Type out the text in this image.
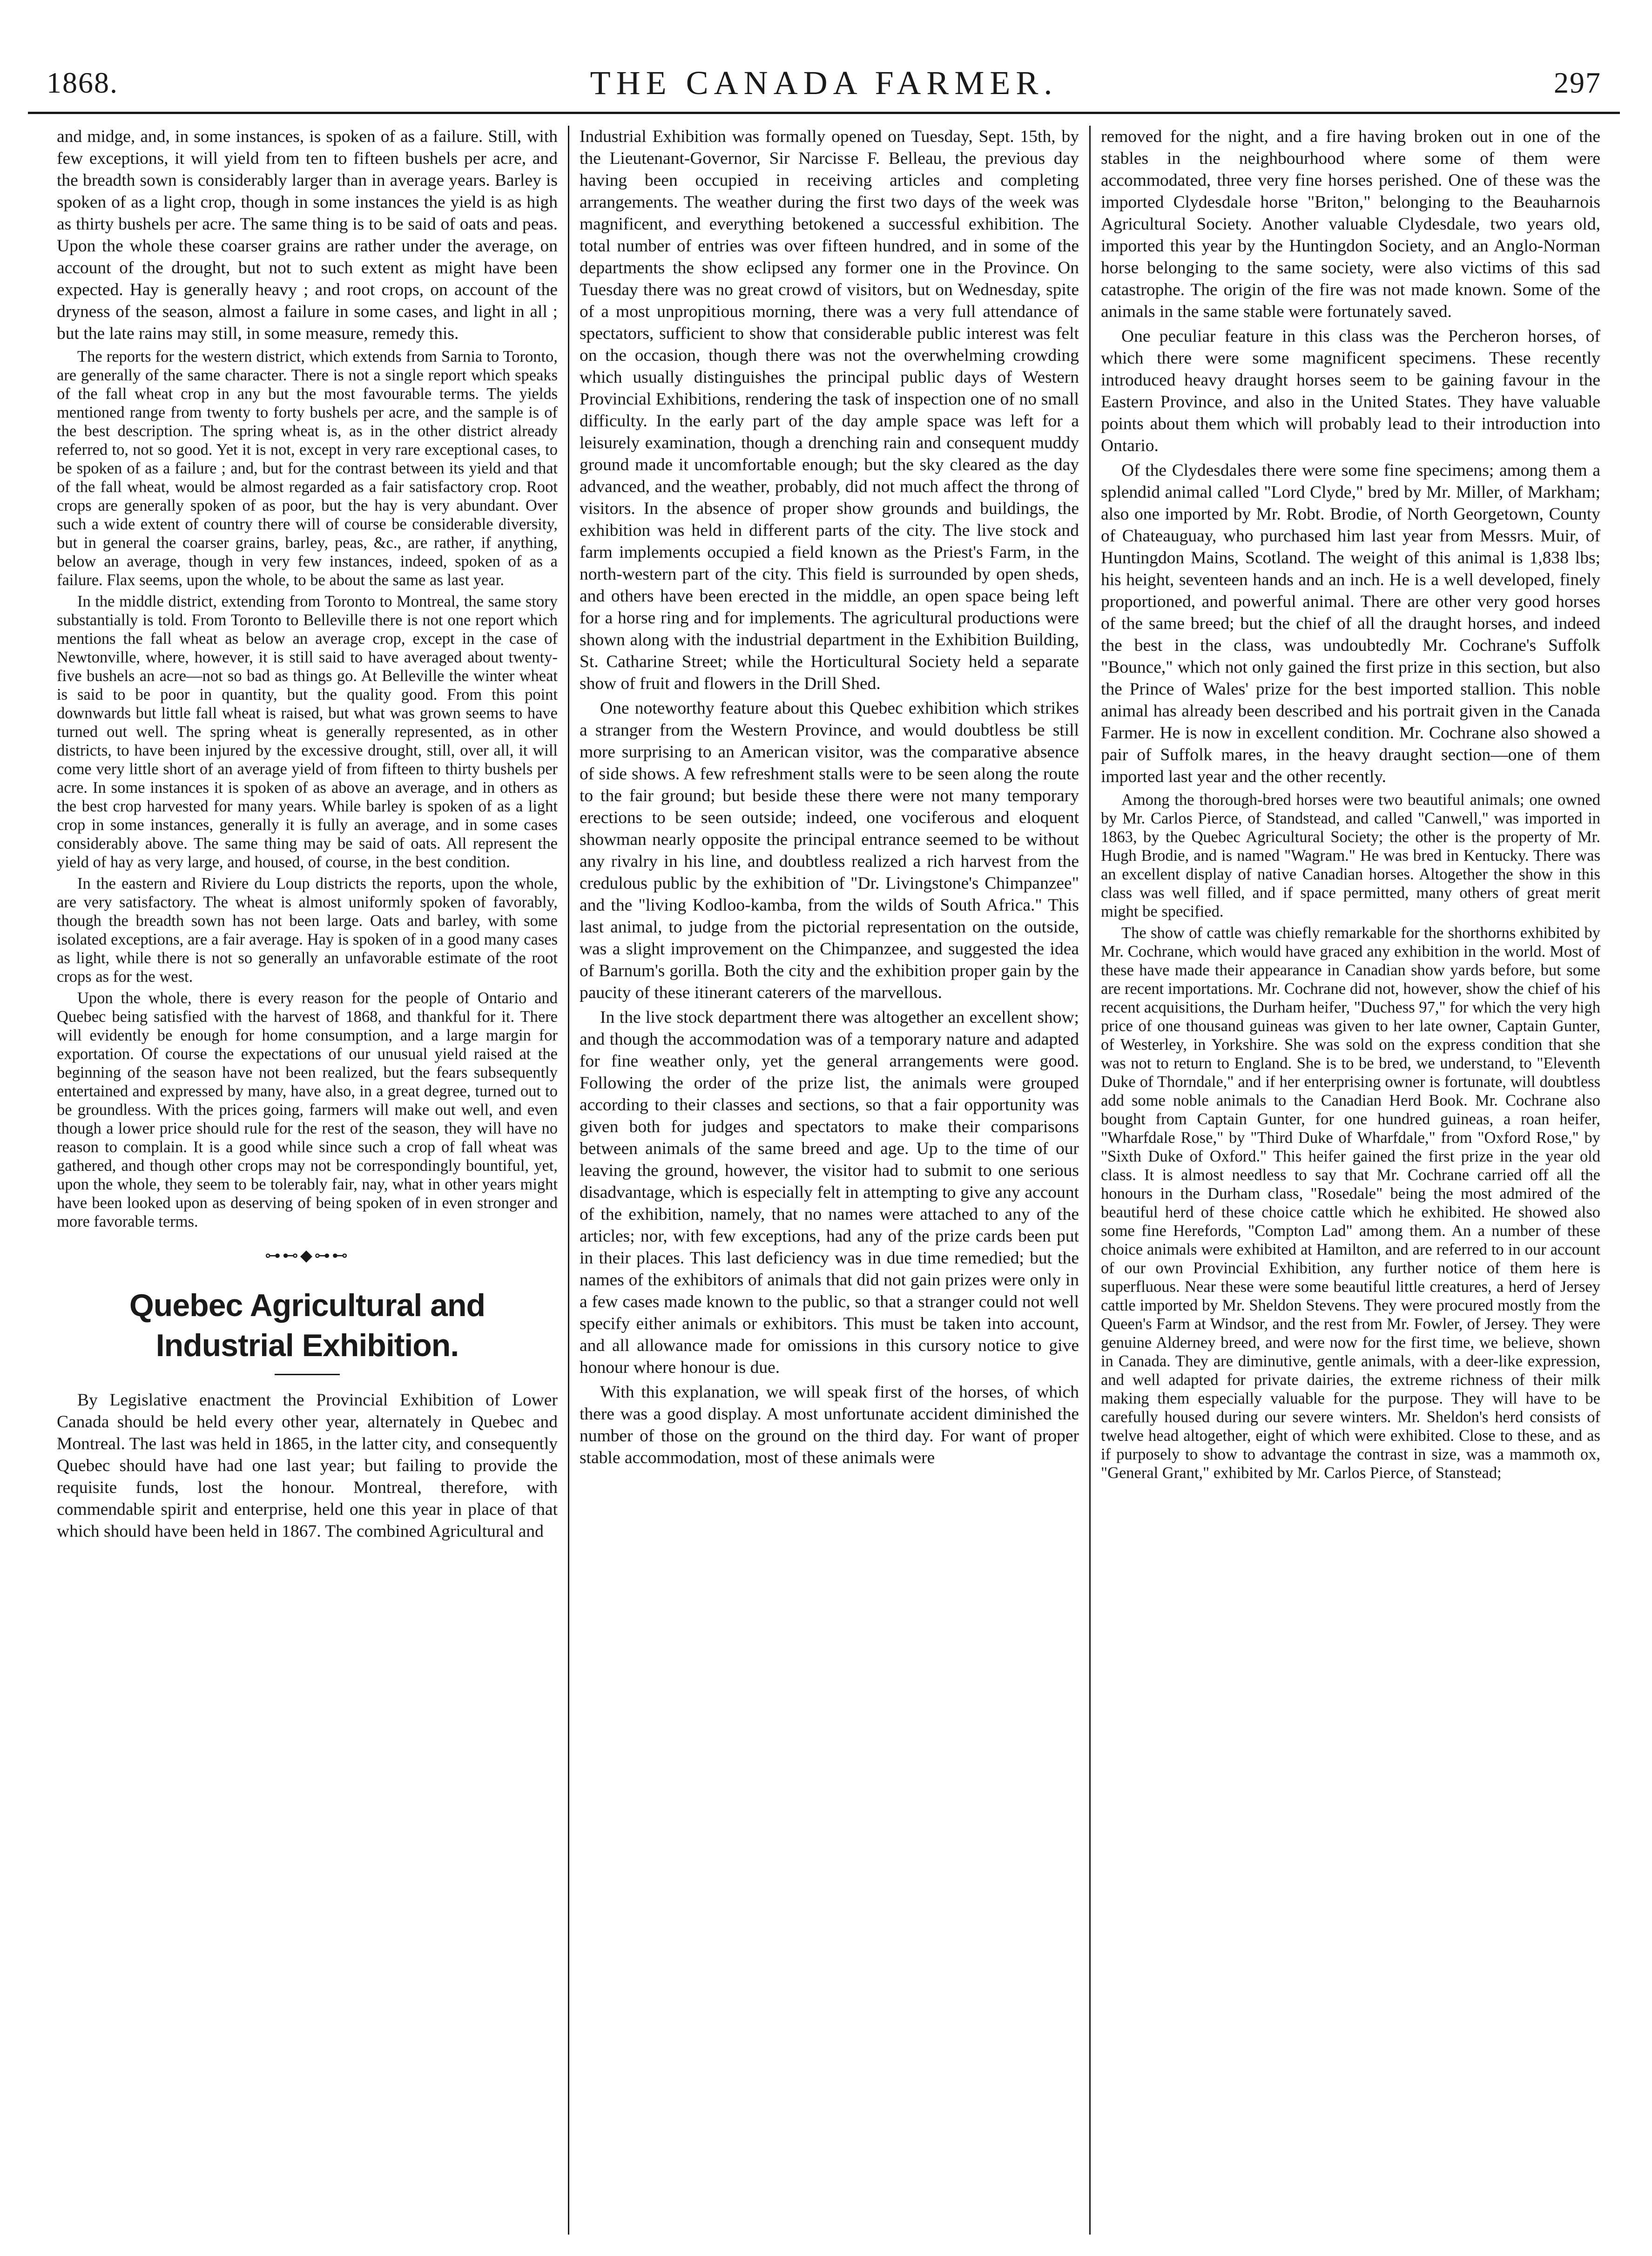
1868.	THE CANADA FARMER.	297

and midge, and, in some instances, is spoken of as a failure. Still, with few exceptions, it will yield from ten to fifteen bushels per acre, and the breadth sown is considerably larger than in average years. Barley is spoken of as a light crop, though in some instances the yield is as high as thirty bushels per acre. The same thing is to be said of oats and peas. Upon the whole these coarser grains are rather under the average, on account of the drought, but not to such extent as might have been expected. Hay is generally heavy ; and root crops, on account of the dryness of the season, almost a failure in some cases, and light in all ; but the late rains may still, in some measure, remedy this.

The reports for the western district, which extends from Sarnia to Toronto, are generally of the same character. There is not a single report which speaks of the fall wheat crop in any but the most favourable terms. The yields mentioned range from twenty to forty bushels per acre, and the sample is of the best description. The spring wheat is, as in the other district already referred to, not so good. Yet it is not, except in very rare exceptional cases, to be spoken of as a failure ; and, but for the contrast between its yield and that of the fall wheat, would be almost regarded as a fair satisfactory crop. Root crops are generally spoken of as poor, but the hay is very abundant. Over such a wide extent of country there will of course be considerable diversity, but in general the coarser grains, barley, peas, &c., are rather, if anything, below an average, though in very few instances, indeed, spoken of as a failure. Flax seems, upon the whole, to be about the same as last year.

In the middle district, extending from Toronto to Montreal, the same story substantially is told. From Toronto to Belleville there is not one report which mentions the fall wheat as below an average crop, except in the case of Newtonville, where, however, it is still said to have averaged about twenty-five bushels an acre—not so bad as things go. At Belleville the winter wheat is said to be poor in quantity, but the quality good. From this point downwards but little fall wheat is raised, but what was grown seems to have turned out well. The spring wheat is generally represented, as in other districts, to have been injured by the excessive drought, still, over all, it will come very little short of an average yield of from fifteen to thirty bushels per acre. In some instances it is spoken of as above an average, and in others as the best crop harvested for many years. While barley is spoken of as a light crop in some instances, generally it is fully an average, and in some cases considerably above. The same thing may be said of oats. All represent the yield of hay as very large, and housed, of course, in the best condition.

In the eastern and Riviere du Loup districts the reports, upon the whole, are very satisfactory. The wheat is almost uniformly spoken of favorably, though the breadth sown has not been large. Oats and barley, with some isolated exceptions, are a fair average. Hay is spoken of in a good many cases as light, while there is not so generally an unfavorable estimate of the root crops as for the west.

Upon the whole, there is every reason for the people of Ontario and Quebec being satisfied with the harvest of 1868, and thankful for it. There will evidently be enough for home consumption, and a large margin for exportation. Of course the expectations of our unusual yield raised at the beginning of the season have not been realized, but the fears subsequently entertained and expressed by many, have also, in a great degree, turned out to be groundless. With the prices going, farmers will make out well, and even though a lower price should rule for the rest of the season, they will have no reason to complain. It is a good while since such a crop of fall wheat was gathered, and though other crops may not be correspondingly bountiful, yet, upon the whole, they seem to be tolerably fair, nay, what in other years might have been looked upon as deserving of being spoken of in even stronger and more favorable terms.

⊶⊷◆⊶⊷
Quebec Agricultural and Industrial Exhibition.

By Legislative enactment the Provincial Exhibition of Lower Canada should be held every other year, alternately in Quebec and Montreal. The last was held in 1865, in the latter city, and consequently Quebec should have had one last year; but failing to provide the requisite funds, lost the honour. Montreal, therefore, with commendable spirit and enterprise, held one this year in place of that which should have been held in 1867. The combined Agricultural and

Industrial Exhibition was formally opened on Tuesday, Sept. 15th, by the Lieutenant-Governor, Sir Narcisse F. Belleau, the previous day having been occupied in receiving articles and completing arrangements. The weather during the first two days of the week was magnificent, and everything betokened a successful exhibition. The total number of entries was over fifteen hundred, and in some of the departments the show eclipsed any former one in the Province. On Tuesday there was no great crowd of visitors, but on Wednesday, spite of a most unpropitious morning, there was a very full attendance of spectators, sufficient to show that considerable public interest was felt on the occasion, though there was not the overwhelming crowding which usually distinguishes the principal public days of Western Provincial Exhibitions, rendering the task of inspection one of no small difficulty. In the early part of the day ample space was left for a leisurely examination, though a drenching rain and consequent muddy ground made it uncomfortable enough; but the sky cleared as the day advanced, and the weather, probably, did not much affect the throng of visitors. In the absence of proper show grounds and buildings, the exhibition was held in different parts of the city. The live stock and farm implements occupied a field known as the Priest's Farm, in the north-western part of the city. This field is surrounded by open sheds, and others have been erected in the middle, an open space being left for a horse ring and for implements. The agricultural productions were shown along with the industrial department in the Exhibition Building, St. Catharine Street; while the Horticultural Society held a separate show of fruit and flowers in the Drill Shed.

One noteworthy feature about this Quebec exhibition which strikes a stranger from the Western Province, and would doubtless be still more surprising to an American visitor, was the comparative absence of side shows. A few refreshment stalls were to be seen along the route to the fair ground; but beside these there were not many temporary erections to be seen outside; indeed, one vociferous and eloquent showman nearly opposite the principal entrance seemed to be without any rivalry in his line, and doubtless realized a rich harvest from the credulous public by the exhibition of "Dr. Livingstone's Chimpanzee" and the "living Kodloo-kamba, from the wilds of South Africa." This last animal, to judge from the pictorial representation on the outside, was a slight improvement on the Chimpanzee, and suggested the idea of Barnum's gorilla. Both the city and the exhibition proper gain by the paucity of these itinerant caterers of the marvellous.

In the live stock department there was altogether an excellent show; and though the accommodation was of a temporary nature and adapted for fine weather only, yet the general arrangements were good. Following the order of the prize list, the animals were grouped according to their classes and sections, so that a fair opportunity was given both for judges and spectators to make their comparisons between animals of the same breed and age. Up to the time of our leaving the ground, however, the visitor had to submit to one serious disadvantage, which is especially felt in attempting to give any account of the exhibition, namely, that no names were attached to any of the articles; nor, with few exceptions, had any of the prize cards been put in their places. This last deficiency was in due time remedied; but the names of the exhibitors of animals that did not gain prizes were only in a few cases made known to the public, so that a stranger could not well specify either animals or exhibitors. This must be taken into account, and all allowance made for omissions in this cursory notice to give honour where honour is due.

With this explanation, we will speak first of the horses, of which there was a good display. A most unfortunate accident diminished the number of those on the ground on the third day. For want of proper stable accommodation, most of these animals were

removed for the night, and a fire having broken out in one of the stables in the neighbourhood where some of them were accommodated, three very fine horses perished. One of these was the imported Clydesdale horse "Briton," belonging to the Beauharnois Agricultural Society. Another valuable Clydesdale, two years old, imported this year by the Huntingdon Society, and an Anglo-Norman horse belonging to the same society, were also victims of this sad catastrophe. The origin of the fire was not made known. Some of the animals in the same stable were fortunately saved.

One peculiar feature in this class was the Percheron horses, of which there were some magnificent specimens. These recently introduced heavy draught horses seem to be gaining favour in the Eastern Province, and also in the United States. They have valuable points about them which will probably lead to their introduction into Ontario.

Of the Clydesdales there were some fine specimens; among them a splendid animal called "Lord Clyde," bred by Mr. Miller, of Markham; also one imported by Mr. Robt. Brodie, of North Georgetown, County of Chateauguay, who purchased him last year from Messrs. Muir, of Huntingdon Mains, Scotland. The weight of this animal is 1,838 lbs; his height, seventeen hands and an inch. He is a well developed, finely proportioned, and powerful animal. There are other very good horses of the same breed; but the chief of all the draught horses, and indeed the best in the class, was undoubtedly Mr. Cochrane's Suffolk "Bounce," which not only gained the first prize in this section, but also the Prince of Wales' prize for the best imported stallion. This noble animal has already been described and his portrait given in the Canada Farmer. He is now in excellent condition. Mr. Cochrane also showed a pair of Suffolk mares, in the heavy draught section—one of them imported last year and the other recently.

Among the thorough-bred horses were two beautiful animals; one owned by Mr. Carlos Pierce, of Standstead, and called "Canwell," was imported in 1863, by the Quebec Agricultural Society; the other is the property of Mr. Hugh Brodie, and is named "Wagram." He was bred in Kentucky. There was an excellent display of native Canadian horses. Altogether the show in this class was well filled, and if space permitted, many others of great merit might be specified.

The show of cattle was chiefly remarkable for the shorthorns exhibited by Mr. Cochrane, which would have graced any exhibition in the world. Most of these have made their appearance in Canadian show yards before, but some are recent importations. Mr. Cochrane did not, however, show the chief of his recent acquisitions, the Durham heifer, "Duchess 97," for which the very high price of one thousand guineas was given to her late owner, Captain Gunter, of Westerley, in Yorkshire. She was sold on the express condition that she was not to return to England. She is to be bred, we understand, to "Eleventh Duke of Thorndale," and if her enterprising owner is fortunate, will doubtless add some noble animals to the Canadian Herd Book. Mr. Cochrane also bought from Captain Gunter, for one hundred guineas, a roan heifer, "Wharfdale Rose," by "Third Duke of Wharfdale," from "Oxford Rose," by "Sixth Duke of Oxford." This heifer gained the first prize in the year old class. It is almost needless to say that Mr. Cochrane carried off all the honours in the Durham class, "Rosedale" being the most admired of the beautiful herd of these choice cattle which he exhibited. He showed also some fine Herefords, "Compton Lad" among them. An a number of these choice animals were exhibited at Hamilton, and are referred to in our account of our own Provincial Exhibition, any further notice of them here is superfluous. Near these were some beautiful little creatures, a herd of Jersey cattle imported by Mr. Sheldon Stevens. They were procured mostly from the Queen's Farm at Windsor, and the rest from Mr. Fowler, of Jersey. They were genuine Alderney breed, and were now for the first time, we believe, shown in Canada. They are diminutive, gentle animals, with a deer-like expression, and well adapted for private dairies, the extreme richness of their milk making them especially valuable for the purpose. They will have to be carefully housed during our severe winters. Mr. Sheldon's herd consists of twelve head altogether, eight of which were exhibited. Close to these, and as if purposely to show to advantage the contrast in size, was a mammoth ox, "General Grant," exhibited by Mr. Carlos Pierce, of Stanstead;
